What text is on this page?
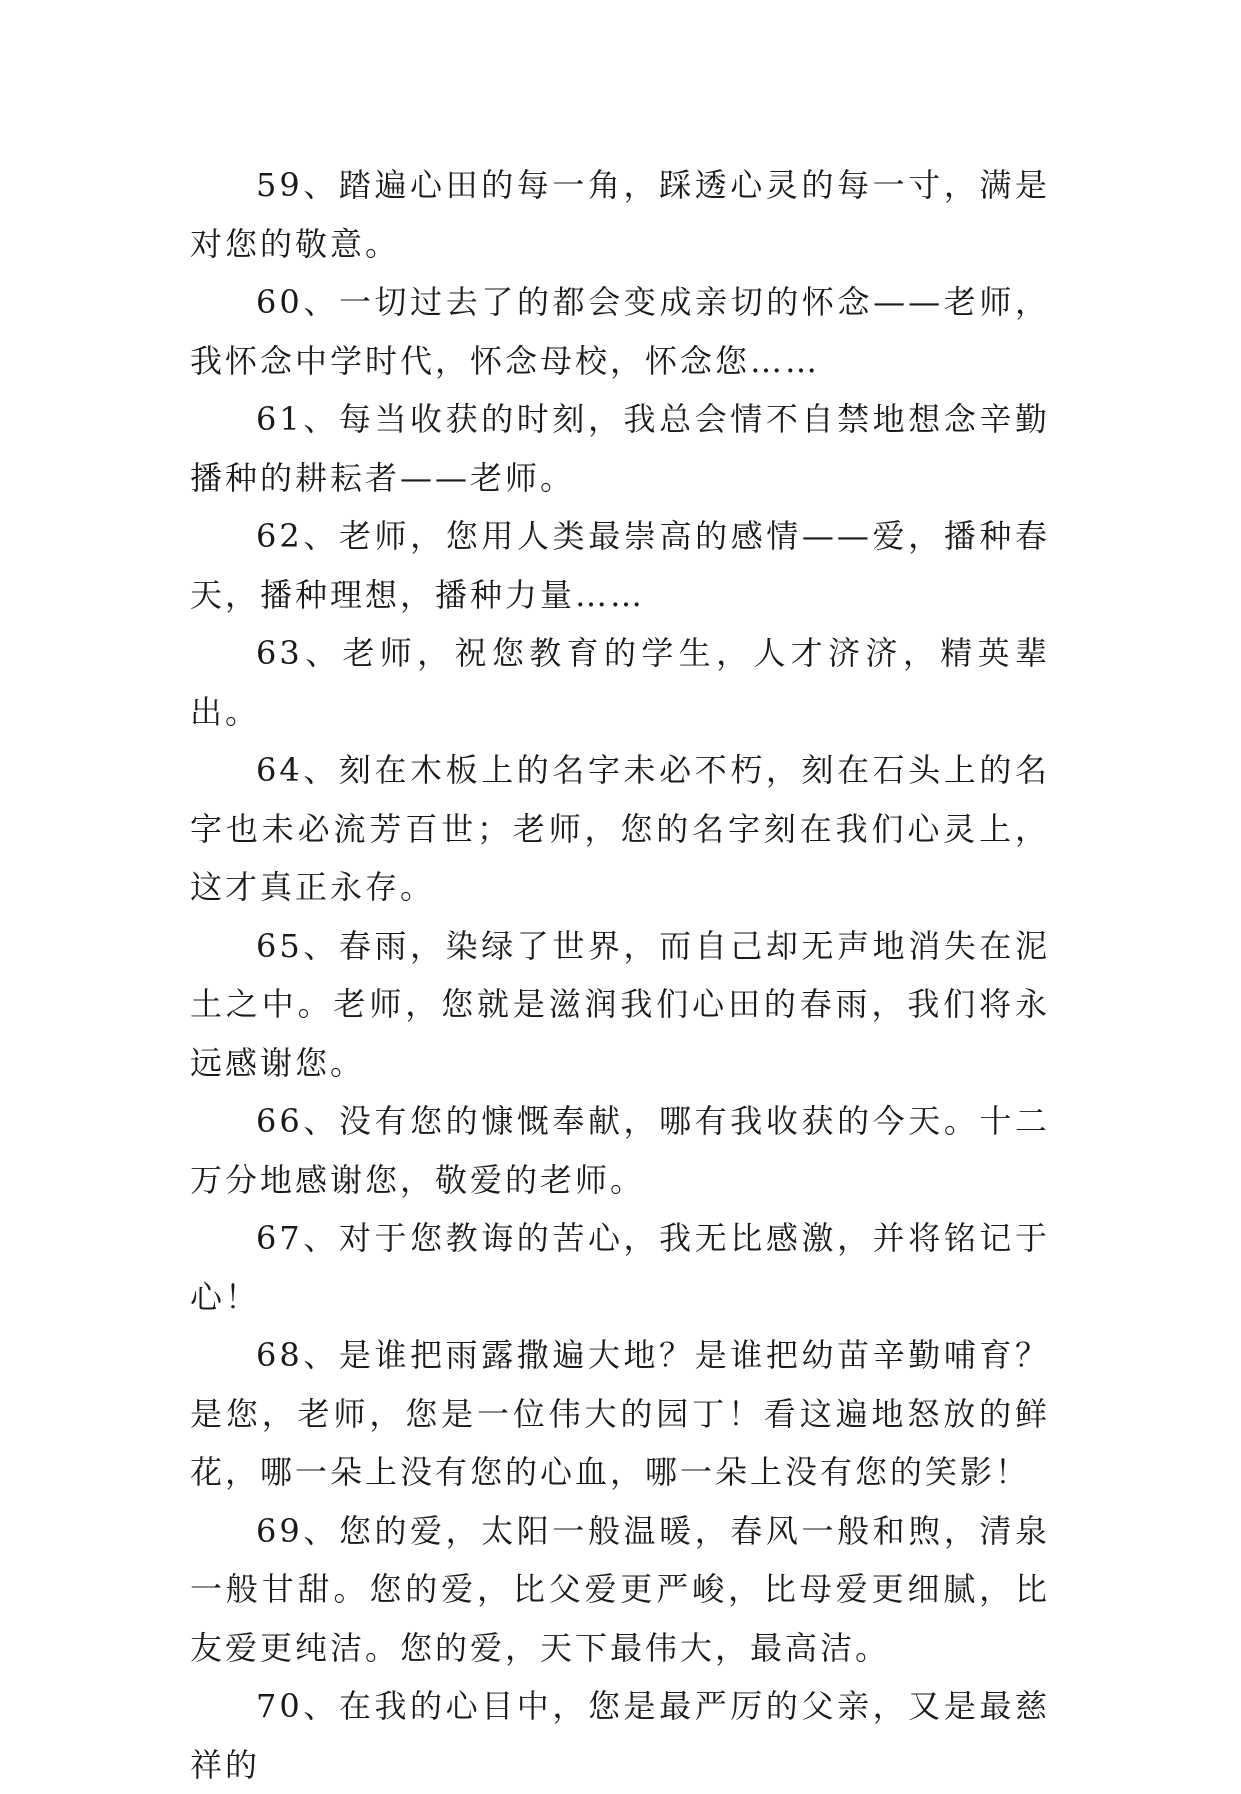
59、踏遍心田的每一角，踩透心灵的每一寸，满是对您的敬意。

60、一切过去了的都会变成亲切的怀念——老师，我怀念中学时代，怀念母校，怀念您……

61、每当收获的时刻，我总会情不自禁地想念辛勤播种的耕耘者——老师。

62、老师，您用人类最崇高的感情——爱，播种春天，播种理想，播种力量……

63、老师，祝您教育的学生，人才济济，精英辈出。

64、刻在木板上的名字未必不朽，刻在石头上的名字也未必流芳百世；老师，您的名字刻在我们心灵上，这才真正永存。

65、春雨，染绿了世界，而自己却无声地消失在泥土之中。老师，您就是滋润我们心田的春雨，我们将永远感谢您。

66、没有您的慷慨奉献，哪有我收获的今天。十二万分地感谢您，敬爱的老师。

67、对于您教诲的苦心，我无比感激，并将铭记于心！

68、是谁把雨露撒遍大地？是谁把幼苗辛勤哺育？是您，老师，您是一位伟大的园丁！看这遍地怒放的鲜花，哪一朵上没有您的心血，哪一朵上没有您的笑影！

69、您的爱，太阳一般温暖，春风一般和煦，清泉一般甘甜。您的爱，比父爱更严峻，比母爱更细腻，比友爱更纯洁。您的爱，天下最伟大，最高洁。

70、在我的心目中，您是最严厉的父亲，又是最慈祥的
